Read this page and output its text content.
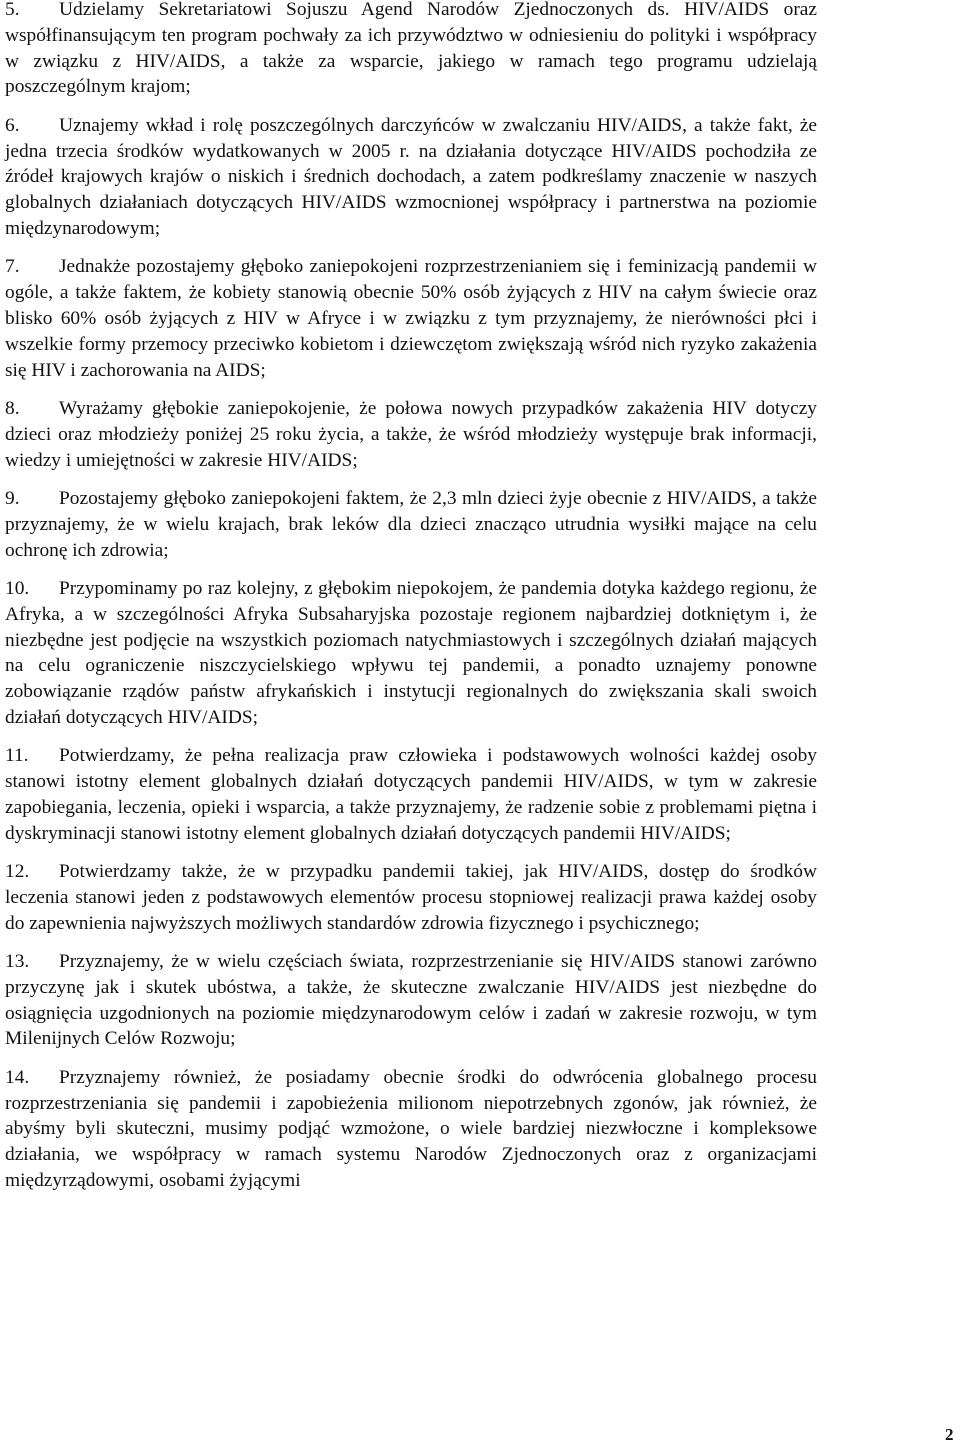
5. Udzielamy Sekretariatowi Sojuszu Agend Narodów Zjednoczonych ds. HIV/AIDS oraz współfinansującym ten program pochwały za ich przywództwo w odniesieniu do polityki i współpracy w związku z HIV/AIDS, a także za wsparcie, jakiego w ramach tego programu udzielają poszczególnym krajom;

6. Uznajemy wkład i rolę poszczególnych darczyńców w zwalczaniu HIV/AIDS, a także fakt, że jedna trzecia środków wydatkowanych w 2005 r. na działania dotyczące HIV/AIDS pochodziła ze źródeł krajowych krajów o niskich i średnich dochodach, a zatem podkreślamy znaczenie w naszych globalnych działaniach dotyczących HIV/AIDS wzmocnionej współpracy i partnerstwa na poziomie międzynarodowym;

7. Jednakże pozostajemy głęboko zaniepokojeni rozprzestrzenianiem się i feminizacją pandemii w ogóle, a także faktem, że kobiety stanowią obecnie 50% osób żyjących z HIV na całym świecie oraz blisko 60% osób żyjących z HIV w Afryce i w związku z tym przyznajemy, że nierówności płci i wszelkie formy przemocy przeciwko kobietom i dziewczętom zwiększają wśród nich ryzyko zakażenia się HIV i zachorowania na AIDS;

8. Wyrażamy głębokie zaniepokojenie, że połowa nowych przypadków zakażenia HIV dotyczy dzieci oraz młodzieży poniżej 25 roku życia, a także, że wśród młodzieży występuje brak informacji, wiedzy i umiejętności w zakresie HIV/AIDS;

9. Pozostajemy głęboko zaniepokojeni faktem, że 2,3 mln dzieci żyje obecnie z HIV/AIDS, a także przyznajemy, że w wielu krajach, brak leków dla dzieci znacząco utrudnia wysiłki mające na celu ochronę ich zdrowia;

10. Przypominamy po raz kolejny, z głębokim niepokojem, że pandemia dotyka każdego regionu, że Afryka, a w szczególności Afryka Subsaharyjska pozostaje regionem najbardziej dotkniętym i, że niezbędne jest podjęcie na wszystkich poziomach natychmiastowych i szczególnych działań mających na celu ograniczenie niszczycielskiego wpływu tej pandemii, a ponadto uznajemy ponowne zobowiązanie rządów państw afrykańskich i instytucji regionalnych do zwiększania skali swoich działań dotyczących HIV/AIDS;

11. Potwierdzamy, że pełna realizacja praw człowieka i podstawowych wolności każdej osoby stanowi istotny element globalnych działań dotyczących pandemii HIV/AIDS, w tym w zakresie zapobiegania, leczenia, opieki i wsparcia, a także przyznajemy, że radzenie sobie z problemami piętna i dyskryminacji stanowi istotny element globalnych działań dotyczących pandemii HIV/AIDS;

12. Potwierdzamy także, że w przypadku pandemii takiej, jak HIV/AIDS, dostęp do środków leczenia stanowi jeden z podstawowych elementów procesu stopniowej realizacji prawa każdej osoby do zapewnienia najwyższych możliwych standardów zdrowia fizycznego i psychicznego;

13. Przyznajemy, że w wielu częściach świata, rozprzestrzenianie się HIV/AIDS stanowi zarówno przyczynę jak i skutek ubóstwa, a także, że skuteczne zwalczanie HIV/AIDS jest niezbędne do osiągnięcia uzgodnionych na poziomie międzynarodowym celów i zadań w zakresie rozwoju, w tym Milenijnych Celów Rozwoju;

14. Przyznajemy również, że posiadamy obecnie środki do odwrócenia globalnego procesu rozprzestrzeniania się pandemii i zapobieżenia milionom niepotrzebnych zgonów, jak również, że abyśmy byli skuteczni, musimy podjąć wzmożone, o wiele bardziej niezwłoczne i kompleksowe działania, we współpracy w ramach systemu Narodów Zjednoczonych oraz z organizacjami międzyrządowymi, osobami żyjącymi

2
